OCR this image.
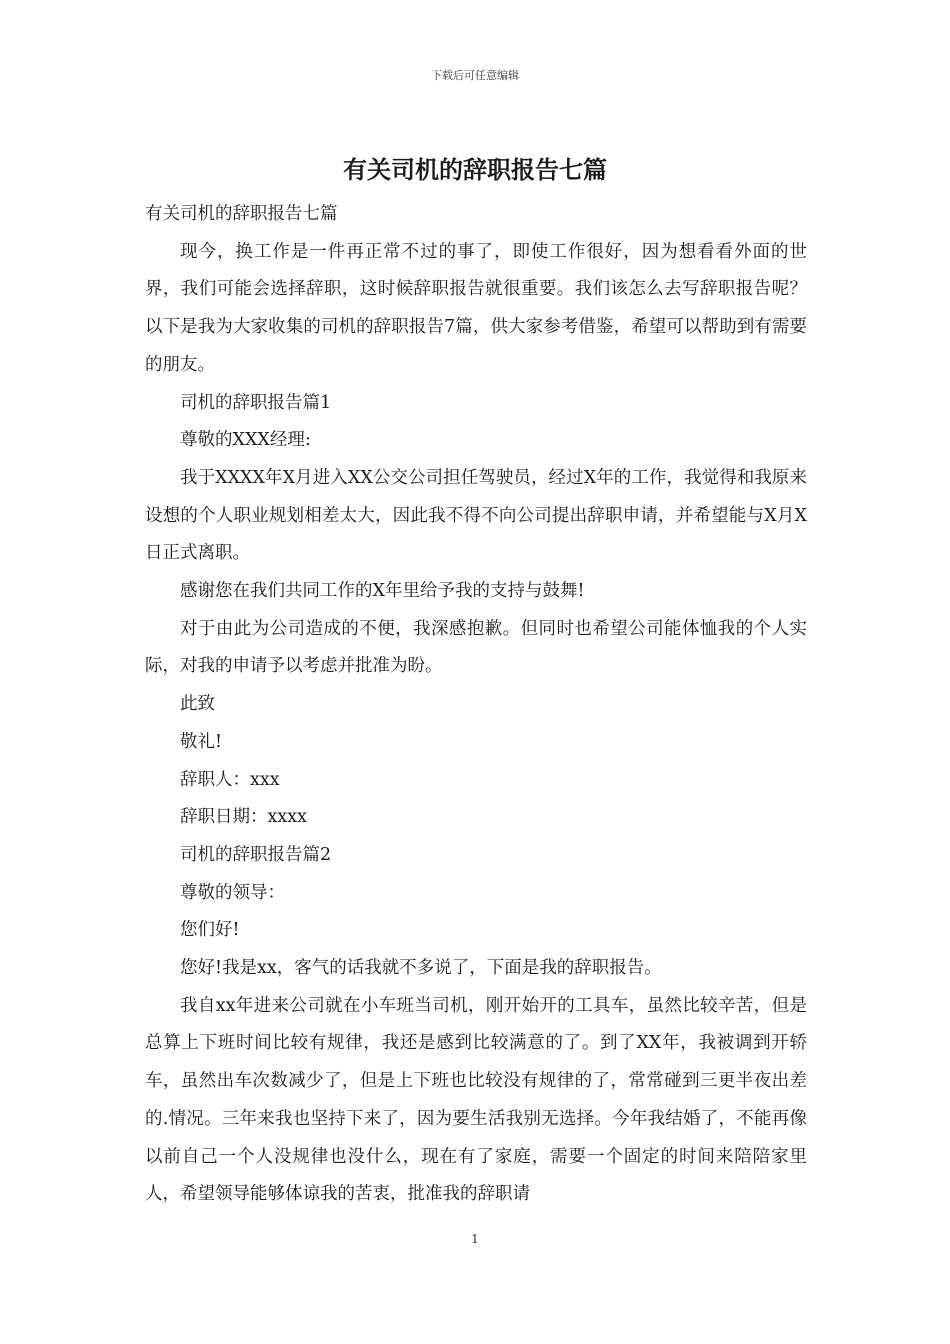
下载后可任意编辑
有关司机的辞职报告七篇

有关司机的辞职报告七篇

现今，换工作是一件再正常不过的事了，即使工作很好，因为想看看外面的世界，我们可能会选择辞职，这时候辞职报告就很重要。我们该怎么去写辞职报告呢？以下是我为大家收集的司机的辞职报告7篇，供大家参考借鉴，希望可以帮助到有需要的朋友。

司机的辞职报告篇1

尊敬的XXX经理:

我于XXXX年X月进入XX公交公司担任驾驶员，经过X年的工作，我觉得和我原来设想的个人职业规划相差太大，因此我不得不向公司提出辞职申请，并希望能与X月X日正式离职。

感谢您在我们共同工作的X年里给予我的支持与鼓舞!

对于由此为公司造成的不便，我深感抱歉。但同时也希望公司能体恤我的个人实际，对我的申请予以考虑并批准为盼。

此致

敬礼!

辞职人：xxx

辞职日期：xxxx

司机的辞职报告篇2

尊敬的领导：

您们好!

您好!我是xx，客气的话我就不多说了，下面是我的辞职报告。

我自xx年进来公司就在小车班当司机，刚开始开的工具车，虽然比较辛苦，但是总算上下班时间比较有规律，我还是感到比较满意的了。到了XX年，我被调到开轿车，虽然出车次数减少了，但是上下班也比较没有规律的了，常常碰到三更半夜出差的.情况。三年来我也坚持下来了，因为要生活我别无选择。今年我结婚了，不能再像以前自己一个人没规律也没什么，现在有了家庭，需要一个固定的时间来陪陪家里人，希望领导能够体谅我的苦衷，批准我的辞职请

1
